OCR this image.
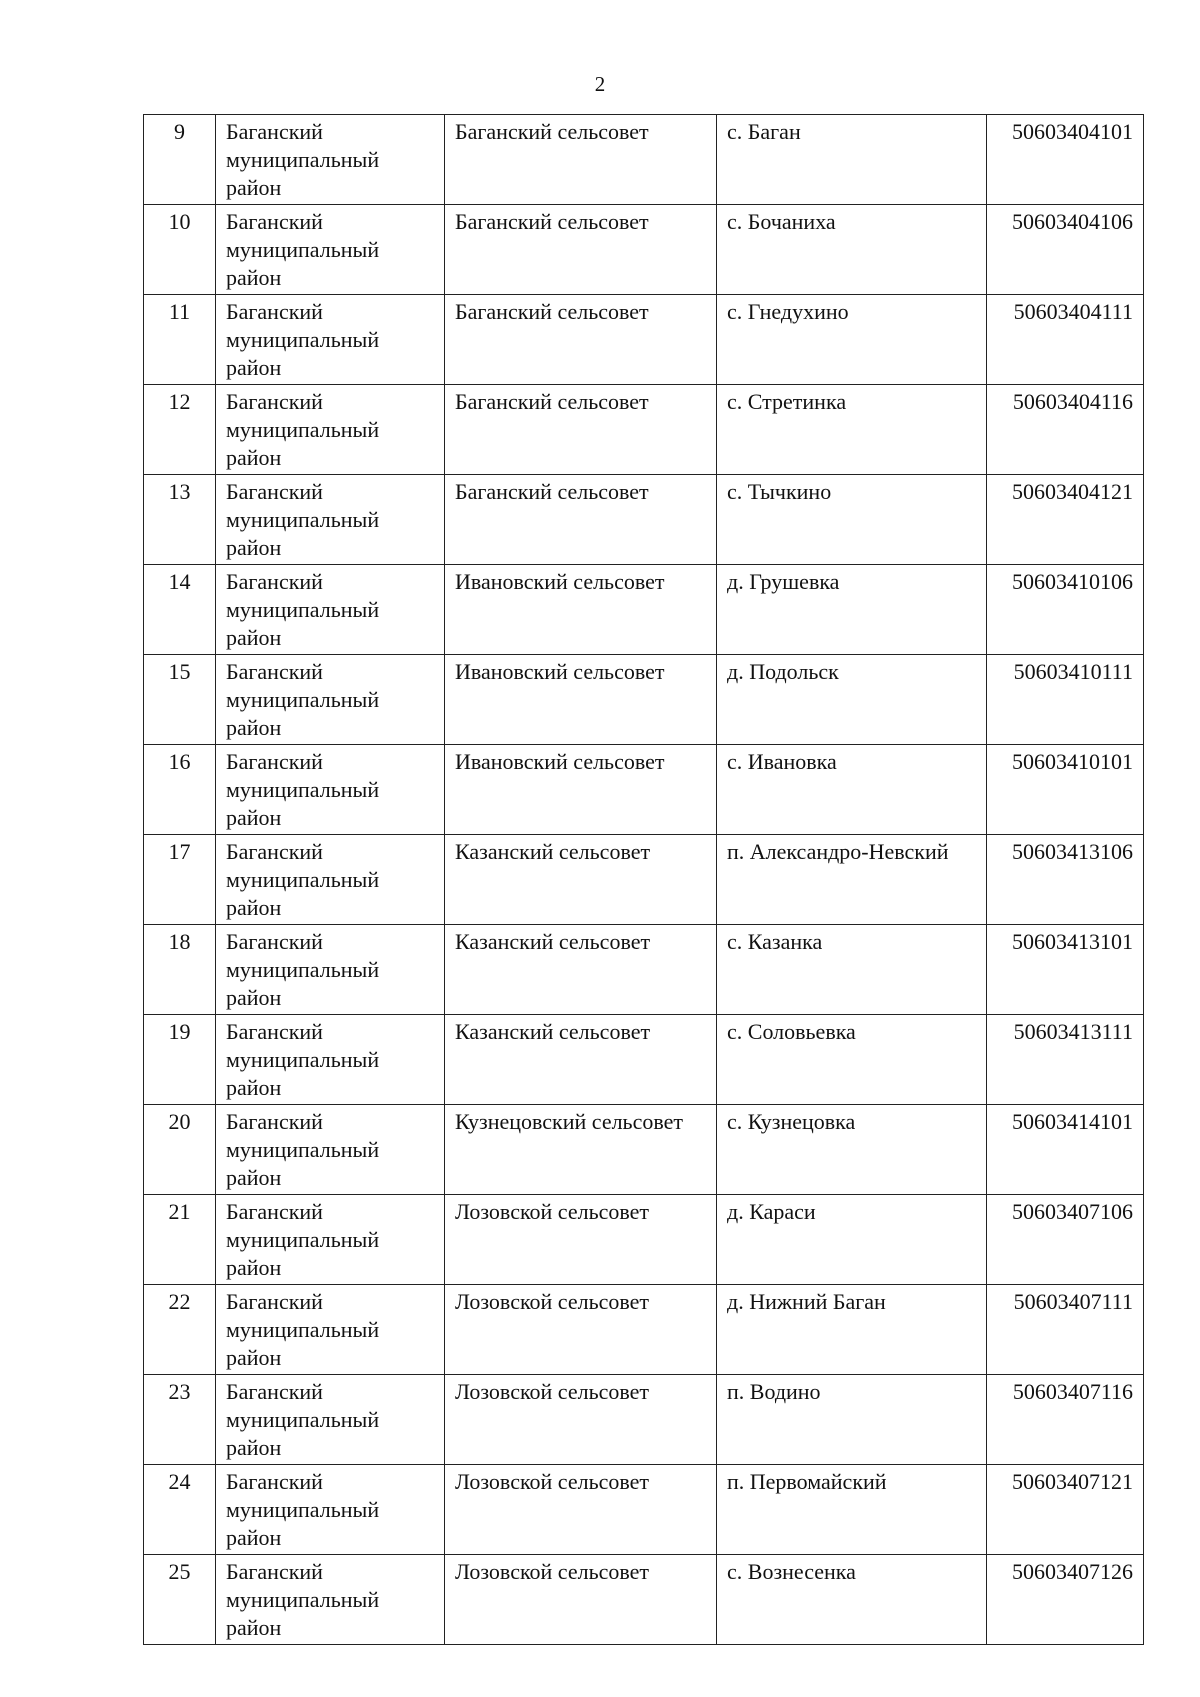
2
9	Баганский муниципальный район	Баганский сельсовет	с. Баган	50603404101
10	Баганский муниципальный район	Баганский сельсовет	с. Бочаниха	50603404106
11	Баганский муниципальный район	Баганский сельсовет	с. Гнедухино	50603404111
12	Баганский муниципальный район	Баганский сельсовет	с. Стретинка	50603404116
13	Баганский муниципальный район	Баганский сельсовет	с. Тычкино	50603404121
14	Баганский муниципальный район	Ивановский сельсовет	д. Грушевка	50603410106
15	Баганский муниципальный район	Ивановский сельсовет	д. Подольск	50603410111
16	Баганский муниципальный район	Ивановский сельсовет	с. Ивановка	50603410101
17	Баганский муниципальный район	Казанский сельсовет	п. Александро-Невский	50603413106
18	Баганский муниципальный район	Казанский сельсовет	с. Казанка	50603413101
19	Баганский муниципальный район	Казанский сельсовет	с. Соловьевка	50603413111
20	Баганский муниципальный район	Кузнецовский сельсовет	с. Кузнецовка	50603414101
21	Баганский муниципальный район	Лозовской сельсовет	д. Караси	50603407106
22	Баганский муниципальный район	Лозовской сельсовет	д. Нижний Баган	50603407111
23	Баганский муниципальный район	Лозовской сельсовет	п. Водино	50603407116
24	Баганский муниципальный район	Лозовской сельсовет	п. Первомайский	50603407121
25	Баганский муниципальный район	Лозовской сельсовет	с. Вознесенка	50603407126
